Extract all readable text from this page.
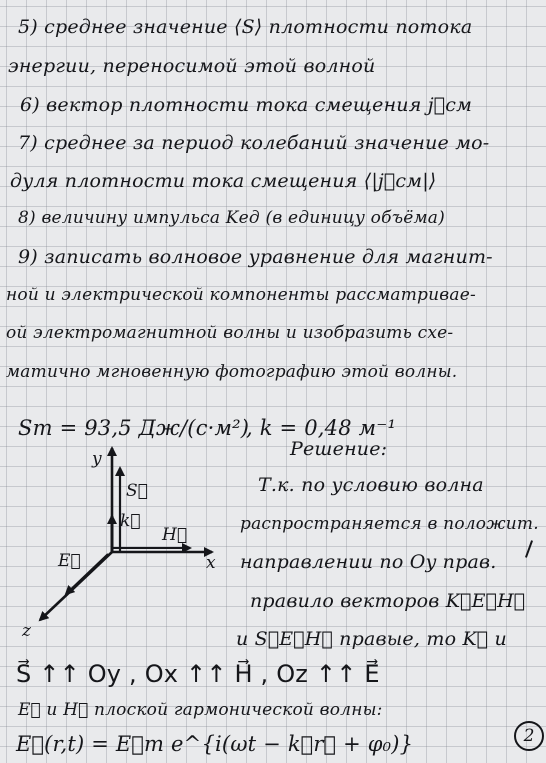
5) среднее значение ⟨S⟩ плотности потока
энергии, переносимой этой волной
6) вектор плотности тока смещения j⃗см
7) среднее за период колебаний значение мо-
дуля плотности тока смещения ⟨|j⃗см|⟩
8) величину импульса Kед (в единицу объёма)
9) записать волновое уравнение для магнит-
ной и электрической компоненты рассматривае-
ой электромагнитной волны и изобразить схе-
матично мгновенную фотографию этой волны.
Sm = 93,5 Дж/(с·м²)
, k = 0,48 м⁻¹
Решение:
Т.к. по условию волна
распространяется в положит.
направлении по Oy прав.
правило векторов K⃗E⃗H⃗
и S⃗E⃗H⃗ правые, то K⃗ и
y
S⃗
k⃗
H⃗
x
E⃗
z
S⃗ ↑↑ Oy , Ox ↑↑ H⃗ , Oz ↑↑ E⃗
E⃗ и H⃗ плоской гармонической волны:
E⃗(r,t) = E⃗m e^{i(ωt − k⃗r⃗ + φ₀)}	2
